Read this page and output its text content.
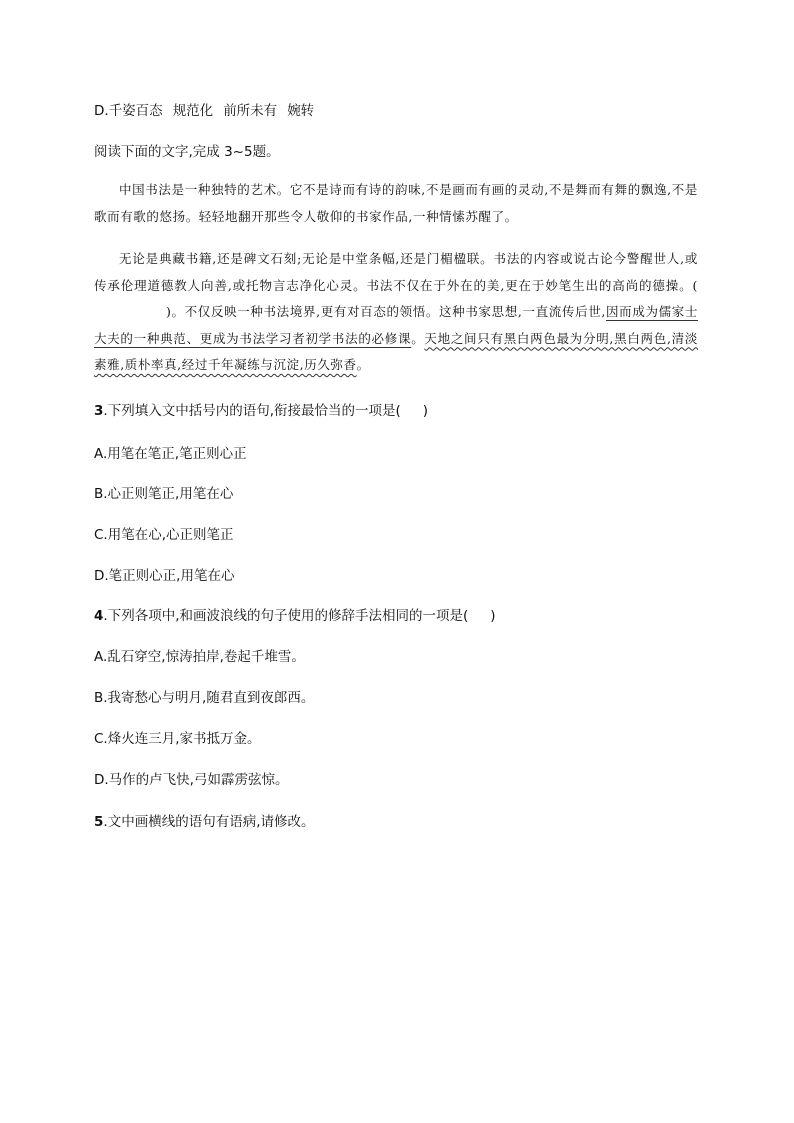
D.千姿百态 规范化 前所未有 婉转
阅读下面的文字,完成 3~5题。
中国书法是一种独特的艺术。它不是诗而有诗的韵味,不是画而有画的灵动,不是舞而有舞的飘逸,不是歌而有歌的悠扬。轻轻地翻开那些令人敬仰的书家作品,一种情愫苏醒了。
无论是典藏书籍,还是碑文石刻;无论是中堂条幅,还是门楣楹联。书法的内容或说古论今警醒世人,或传承伦理道德教人向善,或托物言志净化心灵。书法不仅在于外在的美,更在于妙笔生出的高尚的德操。()。不仅反映一种书法境界,更有对百态的领悟。这种书家思想,一直流传后世,因而成为儒家士大夫的一种典范、更成为书法学习者初学书法的必修课。天地之间只有黑白两色最为分明,黑白两色,清淡素雅,质朴率真,经过千年凝练与沉淀,历久弥香。
3.下列填入文中括号内的语句,衔接最恰当的一项是( )
A.用笔在笔正,笔正则心正
B.心正则笔正,用笔在心
C.用笔在心,心正则笔正
D.笔正则心正,用笔在心
4.下列各项中,和画波浪线的句子使用的修辞手法相同的一项是( )
A.乱石穿空,惊涛拍岸,卷起千堆雪。
B.我寄愁心与明月,随君直到夜郎西。
C.烽火连三月,家书抵万金。
D.马作的卢飞快,弓如霹雳弦惊。
5.文中画横线的语句有语病,请修改。
